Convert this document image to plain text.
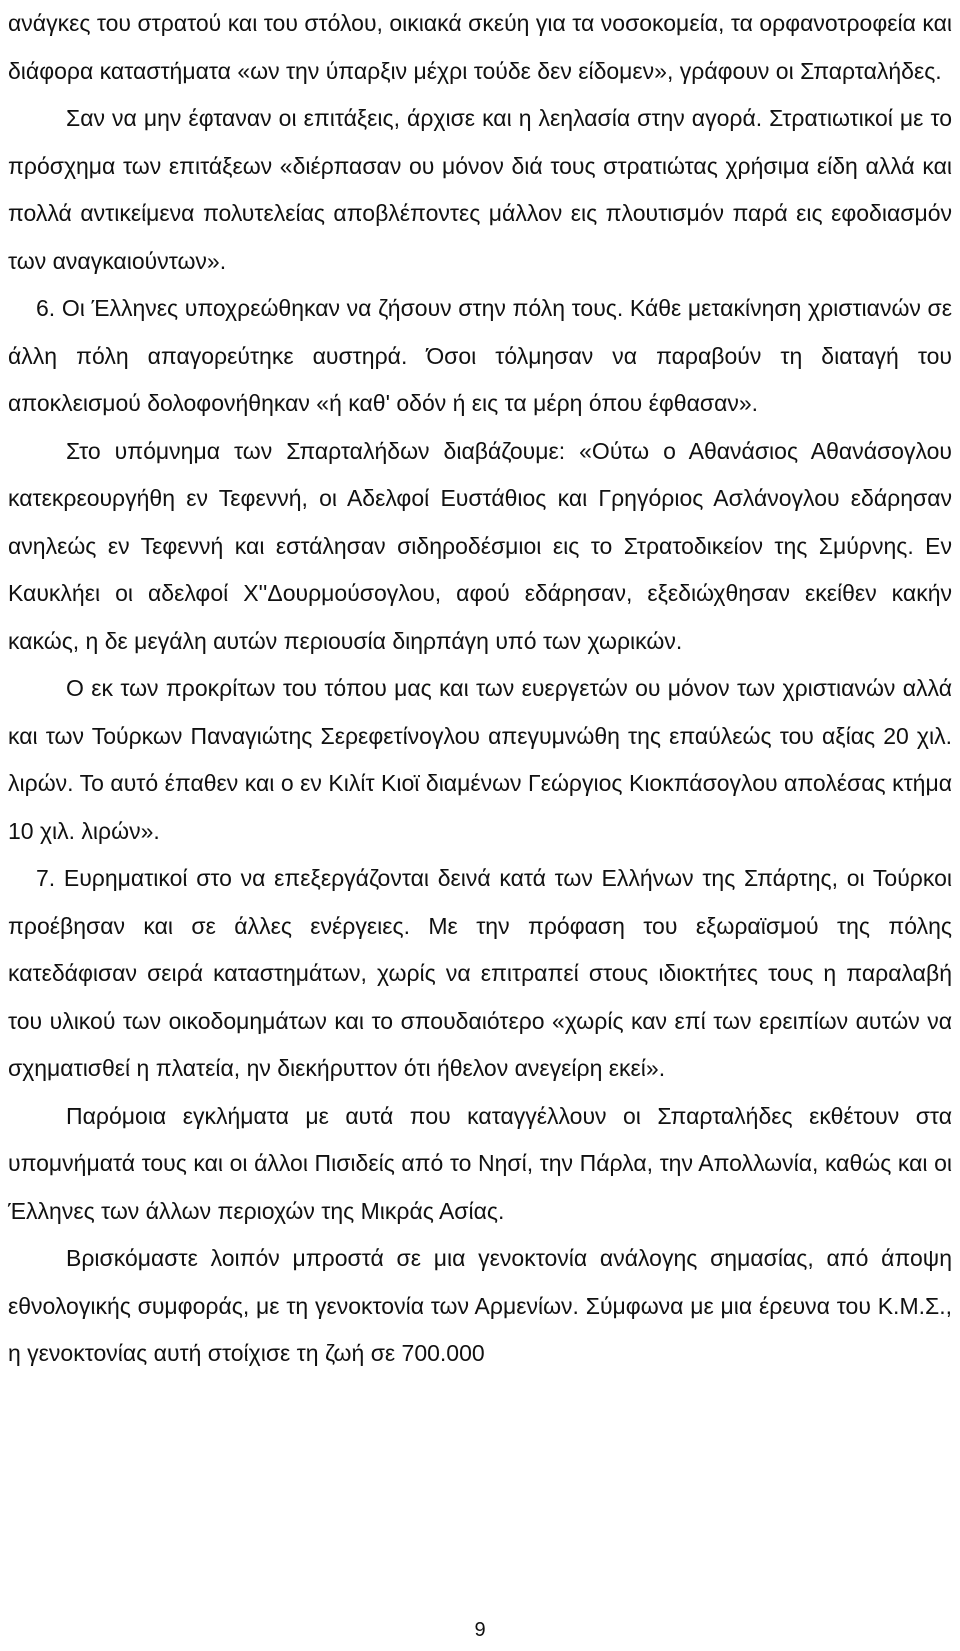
ανάγκες του στρατού και του στόλου, οικιακά σκεύη για τα νοσοκομεία, τα ορφανοτροφεία και διάφορα καταστήματα «ων την ύπαρξιν μέχρι τούδε δεν είδομεν», γράφουν οι Σπαρταλήδες.

Σαν να μην έφταναν οι επιτάξεις, άρχισε και η λεηλασία στην αγορά. Στρατιωτικοί με το πρόσχημα των επιτάξεων «διέρπασαν ου μόνον διά τους στρατιώτας χρήσιμα είδη αλλά και πολλά αντικείμενα πολυτελείας αποβλέποντες μάλλον εις πλουτισμόν παρά εις εφοδιασμόν των αναγκαιούντων».

6. Οι Έλληνες υποχρεώθηκαν να ζήσουν στην πόλη τους. Κάθε μετακίνηση χριστιανών σε άλλη πόλη απαγορεύτηκε αυστηρά. Όσοι τόλμησαν να παραβούν τη διαταγή του αποκλεισμού δολοφονήθηκαν «ή καθ' οδόν ή εις τα μέρη όπου έφθασαν».

Στο υπόμνημα των Σπαρταλήδων διαβάζουμε: «Ούτω ο Αθανάσιος Αθανάσογλου κατεκρεουργήθη εν Τεφεννή, οι Αδελφοί Ευστάθιος και Γρηγόριος Ασλάνογλου εδάρησαν ανηλεώς εν Τεφεννή και εστάλησαν σιδηροδέσμιοι εις το Στρατοδικείον της Σμύρνης. Εν Καυκλήει οι αδελφοί Χ''Δουρμούσογλου, αφού εδάρησαν, εξεδιώχθησαν εκείθεν κακήν κακώς, η δε μεγάλη αυτών περιουσία διηρπάγη υπό των χωρικών.

Ο εκ των προκρίτων του τόπου μας και των ευεργετών ου μόνον των χριστιανών αλλά και των Τούρκων Παναγιώτης Σερεφετίνογλου απεγυμνώθη της επαύλεώς του αξίας 20 χιλ. λιρών. Το αυτό έπαθεν και ο εν Κιλίτ Κιοϊ διαμένων Γεώργιος Κιοκπάσογλου απολέσας κτήμα 10 χιλ. λιρών».

7. Ευρηματικοί στο να επεξεργάζονται δεινά κατά των Ελλήνων της Σπάρτης, οι Τούρκοι προέβησαν και σε άλλες ενέργειες. Με την πρόφαση του εξωραϊσμού της πόλης κατεδάφισαν σειρά καταστημάτων, χωρίς να επιτραπεί στους ιδιοκτήτες τους η παραλαβή του υλικού των οικοδομημάτων και το σπουδαιότερο «χωρίς καν επί των ερειπίων αυτών να σχηματισθεί η πλατεία, ην διεκήρυττον ότι ήθελον ανεγείρη εκεί».

Παρόμοια εγκλήματα με αυτά που καταγγέλλουν οι Σπαρταλήδες εκθέτουν στα υπομνήματά τους και οι άλλοι Πισιδείς από το Νησί, την Πάρλα, την Απολλωνία, καθώς και οι Έλληνες των άλλων περιοχών της Μικράς Ασίας.

Βρισκόμαστε λοιπόν μπροστά σε μια γενοκτονία ανάλογης σημασίας, από άποψη εθνολογικής συμφοράς, με τη γενοκτονία των Αρμενίων. Σύμφωνα με μια έρευνα του Κ.Μ.Σ., η γενοκτονίας αυτή στοίχισε τη ζωή σε 700.000

9
